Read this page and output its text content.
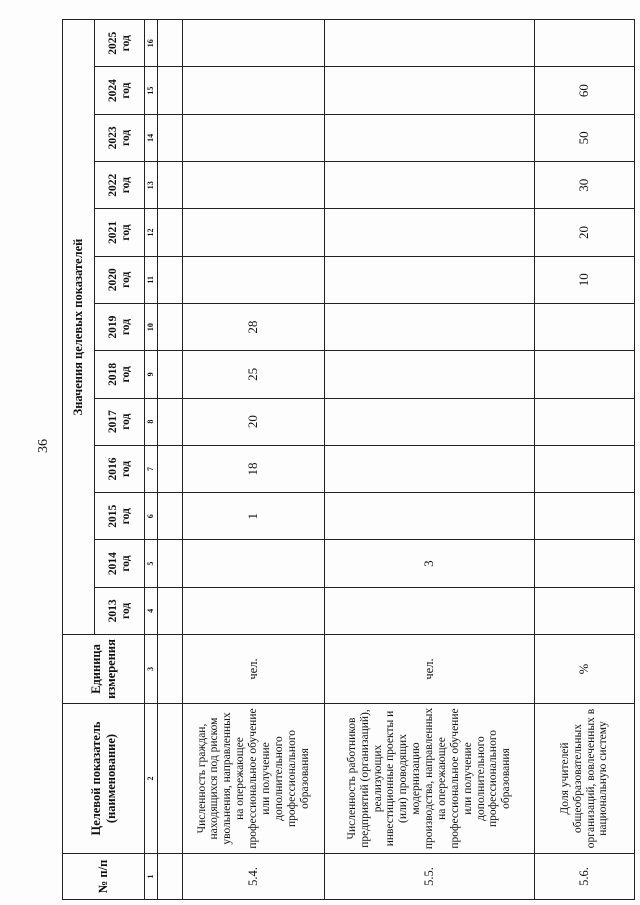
36
№ п/п	Целевой показатель (наименование)	Единица измерения	Значения целевых показателей												
			2013 год	2014 год	2015 год	2016 год	2017 год	2018 год	2019 год	2020 год	2021 год	2022 год	2023 год	2024 год	2025 год
1	2	3	4	5	6	7	8	9	10	11	12	13	14	15	16

5.4.	Численность граждан, находящихся под риском увольнения, направленных на опережающее профессиональное обучение или получение дополнительного профессионального образования	чел.			1	18	20	25	28						
5.5.	Численность работников предприятий (организаций), реализующих инвестиционные проекты и (или) проводящих модернизацию производства, направленных на опережающее профессиональное обучение или получение дополнительного профессионального образования	чел.		3											
5.6.	Доля учителей общеобразовательных организаций, вовлеченных в национальную систему	%								10	20	30	50	60	
